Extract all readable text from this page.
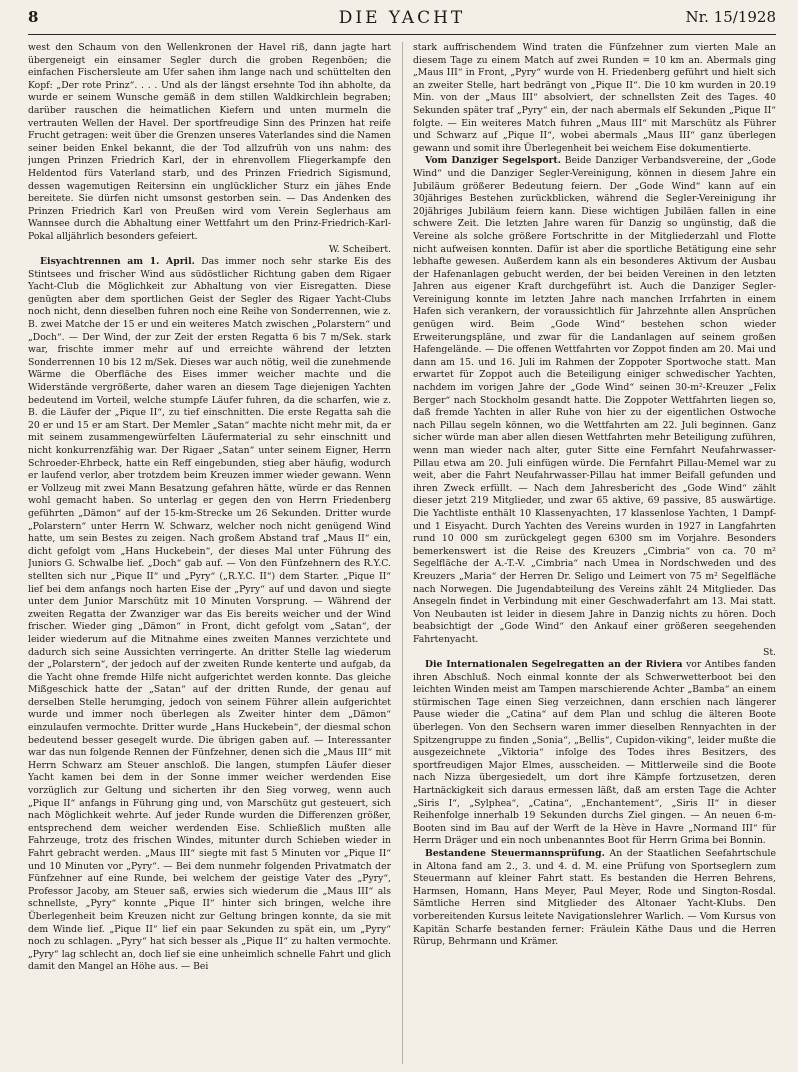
8	DIE YACHT	Nr. 15/1928

west den Schaum von den Wellenkronen der Havel riß, dann jagte hart übergeneigt ein einsamer Segler durch die groben Regenböen; die einfachen Fischersleute am Ufer sahen ihm lange nach und schüttelten den Kopf: „Der rote Prinz“. . . . Und als der längst ersehnte Tod ihn abholte, da wurde er seinem Wunsche gemäß in dem stillen Waldkirchlein begraben; darüber rauschen die heimatlichen Kiefern und unten murmeln die vertrauten Wellen der Havel. Der sportfreudige Sinn des Prinzen hat reife Frucht getragen: weit über die Grenzen unseres Vaterlandes sind die Namen seiner beiden Enkel bekannt, die der Tod allzufrüh von uns nahm: des jungen Prinzen Friedrich Karl, der in ehrenvollem Fliegerkampfe den Heldentod fürs Vaterland starb, und des Prinzen Friedrich Sigismund, dessen wagemutigen Reitersinn ein unglücklicher Sturz ein jähes Ende bereitete. Sie dürfen nicht umsonst gestorben sein. — Das Andenken des Prinzen Friedrich Karl von Preußen wird vom Verein Seglerhaus am Wannsee durch die Abhaltung einer Wettfahrt um den Prinz-Friedrich-Karl-Pokal alljährlich besonders gefeiert.

W. Scheibert.

Eisyachtrennen am 1. April. Das immer noch sehr starke Eis des Stintsees und frischer Wind aus südöstlicher Richtung gaben dem Rigaer Yacht-Club die Möglichkeit zur Abhaltung von vier Eisregatten. Diese genügten aber dem sportlichen Geist der Segler des Rigaer Yacht-Clubs noch nicht, denn dieselben fuhren noch eine Reihe von Sonderrennen, wie z. B. zwei Matche der 15 er und ein weiteres Match zwischen „Polarstern“ und „Doch“. — Der Wind, der zur Zeit der ersten Regatta 6 bis 7 m/Sek. stark war, frischte immer mehr auf und erreichte während der letzten Sonderrennen 10 bis 12 m/Sek. Dieses war auch nötig, weil die zunehmende Wärme die Oberfläche des Eises immer weicher machte und die Widerstände vergrößerte, daher waren an diesem Tage diejenigen Yachten bedeutend im Vorteil, welche stumpfe Läufer fuhren, da die scharfen, wie z. B. die Läufer der „Pique II“, zu tief einschnitten. Die erste Regatta sah die 20 er und 15 er am Start. Der Memler „Satan“ machte nicht mehr mit, da er mit seinem zusammengewürfelten Läufermaterial zu sehr einschnitt und nicht konkurrenzfähig war. Der Rigaer „Satan“ unter seinem Eigner, Herrn Schroeder-Ehrbeck, hatte ein Reff eingebunden, stieg aber häufig, wodurch er laufend verlor, aber trotzdem beim Kreuzen immer wieder gewann. Wenn er Vollzeug mit zwei Mann Besatzung gefahren hätte, würde er das Rennen wohl gemacht haben. So unterlag er gegen den von Herrn Friedenberg geführten „Dämon“ auf der 15-km-Strecke um 26 Sekunden. Dritter wurde „Polarstern“ unter Herrn W. Schwarz, welcher noch nicht genügend Wind hatte, um sein Bestes zu zeigen. Nach großem Abstand traf „Maus II“ ein, dicht gefolgt vom „Hans Huckebein“, der dieses Mal unter Führung des Juniors G. Schwalbe lief. „Doch“ gab auf. — Von den Fünfzehnern des R.Y.C. stellten sich nur „Pique II“ und „Pyry“ („R.Y.C. II“) dem Starter. „Pique II“ lief bei dem anfangs noch harten Eise der „Pyry“ auf und davon und siegte unter dem Junior Marschütz mit 10 Minuten Vorsprung. — Während der zweiten Regatta der Zwanziger war das Eis bereits weicher und der Wind frischer. Wieder ging „Dämon“ in Front, dicht gefolgt vom „Satan“, der leider wiederum auf die Mitnahme eines zweiten Mannes verzichtete und dadurch sich seine Aussichten verringerte. An dritter Stelle lag wiederum der „Polarstern“, der jedoch auf der zweiten Runde kenterte und aufgab, da die Yacht ohne fremde Hilfe nicht aufgerichtet werden konnte. Das gleiche Mißgeschick hatte der „Satan“ auf der dritten Runde, der genau auf derselben Stelle herumging, jedoch von seinem Führer allein aufgerichtet wurde und immer noch überlegen als Zweiter hinter dem „Dämon“ einzulaufen vermochte. Dritter wurde „Hans Huckebein“, der diesmal schon bedeutend besser gesegelt wurde. Die übrigen gaben auf. — Interessanter war das nun folgende Rennen der Fünfzehner, denen sich die „Maus III“ mit Herrn Schwarz am Steuer anschloß. Die langen, stumpfen Läufer dieser Yacht kamen bei dem in der Sonne immer weicher werdenden Eise vorzüglich zur Geltung und sicherten ihr den Sieg vorweg, wenn auch „Pique II“ anfangs in Führung ging und, von Marschütz gut gesteuert, sich nach Möglichkeit wehrte. Auf jeder Runde wurden die Differenzen größer, entsprechend dem weicher werdenden Eise. Schließlich mußten alle Fahrzeuge, trotz des frischen Windes, mitunter durch Schieben wieder in Fahrt gebracht werden. „Maus III“ siegte mit fast 5 Minuten vor „Pique II“ und 10 Minuten vor „Pyry“. — Bei dem nunmehr folgenden Privatmatch der Fünfzehner auf eine Runde, bei welchem der geistige Vater des „Pyry“, Professor Jacoby, am Steuer saß, erwies sich wiederum die „Maus III“ als schnellste, „Pyry“ konnte „Pique II“ hinter sich bringen, welche ihre Überlegenheit beim Kreuzen nicht zur Geltung bringen konnte, da sie mit dem Winde lief. „Pique II“ lief ein paar Sekunden zu spät ein, um „Pyry“ noch zu schlagen. „Pyry“ hat sich besser als „Pique II“ zu halten vermochte. „Pyry“ lag schlecht an, doch lief sie eine unheimlich schnelle Fahrt und glich damit den Mangel an Höhe aus. — Bei

stark auffrischendem Wind traten die Fünfzehner zum vierten Male an diesem Tage zu einem Match auf zwei Runden = 10 km an. Abermals ging „Maus III“ in Front, „Pyry“ wurde von H. Friedenberg geführt und hielt sich an zweiter Stelle, hart bedrängt von „Pique II“. Die 10 km wurden in 20.19 Min. von der „Maus III“ absolviert, der schnellsten Zeit des Tages. 40 Sekunden später traf „Pyry“ ein, der nach abermals elf Sekunden „Pique II“ folgte. — Ein weiteres Match fuhren „Maus III“ mit Marschütz als Führer und Schwarz auf „Pique II“, wobei abermals „Maus III“ ganz überlegen gewann und somit ihre Überlegenheit bei weichem Eise dokumentierte.

Vom Danziger Segelsport. Beide Danziger Verbandsvereine, der „Gode Wind“ und die Danziger Segler-Vereinigung, können in diesem Jahre ein Jubiläum größerer Bedeutung feiern. Der „Gode Wind“ kann auf ein 30jähriges Bestehen zurückblicken, während die Segler-Vereinigung ihr 20jähriges Jubiläum feiern kann. Diese wichtigen Jubiläen fallen in eine schwere Zeit. Die letzten Jahre waren für Danzig so ungünstig, daß die Vereine als solche größere Fortschritte in der Mitgliederzahl und Flotte nicht aufweisen konnten. Dafür ist aber die sportliche Betätigung eine sehr lebhafte gewesen. Außerdem kann als ein besonderes Aktivum der Ausbau der Hafenanlagen gebucht werden, der bei beiden Vereinen in den letzten Jahren aus eigener Kraft durchgeführt ist. Auch die Danziger Segler-Vereinigung konnte im letzten Jahre nach manchen Irrfahrten in einem Hafen sich verankern, der voraussichtlich für Jahrzehnte allen Ansprüchen genügen wird. Beim „Gode Wind“ bestehen schon wieder Erweiterungspläne, und zwar für die Landanlagen auf seinem großen Hafengelände. — Die offenen Wettfahrten vor Zoppot finden am 20. Mai und dann am 15. und 16. Juli im Rahmen der Zoppoter Sportwoche statt. Man erwartet für Zoppot auch die Beteiligung einiger schwedischer Yachten, nachdem im vorigen Jahre der „Gode Wind“ seinen 30-m²-Kreuzer „Felix Berger“ nach Stockholm gesandt hatte. Die Zoppoter Wettfahrten liegen so, daß fremde Yachten in aller Ruhe von hier zu der eigentlichen Ostwoche nach Pillau segeln können, wo die Wettfahrten am 22. Juli beginnen. Ganz sicher würde man aber allen diesen Wettfahrten mehr Beteiligung zuführen, wenn man wieder nach alter, guter Sitte eine Fernfahrt Neufahrwasser-Pillau etwa am 20. Juli einfügen würde. Die Fernfahrt Pillau-Memel war zu weit, aber die Fahrt Neufahrwasser-Pillau hat immer Beifall gefunden und ihren Zweck erfüllt. — Nach dem Jahresbericht des „Gode Wind“ zählt dieser jetzt 219 Mitglieder, und zwar 65 aktive, 69 passive, 85 auswärtige. Die Yachtliste enthält 10 Klassenyachten, 17 klassenlose Yachten, 1 Dampf- und 1 Eisyacht. Durch Yachten des Vereins wurden in 1927 in Langfahrten rund 10 000 sm zurückgelegt gegen 6300 sm im Vorjahre. Besonders bemerkenswert ist die Reise des Kreuzers „Cimbria“ von ca. 70 m² Segelfläche der A.-T.-V. „Cimbria“ nach Umea in Nordschweden und des Kreuzers „Maria“ der Herren Dr. Seligo und Leimert von 75 m² Segelfläche nach Norwegen. Die Jugendabteilung des Vereins zählt 24 Mitglieder. Das Ansegeln findet in Verbindung mit einer Geschwaderfahrt am 13. Mai statt. Von Neubauten ist leider in diesem Jahre in Danzig nichts zu hören. Doch beabsichtigt der „Gode Wind“ den Ankauf einer größeren seegehenden Fahrtenyacht.

St.

Die Internationalen Segelregatten an der Riviera vor Antibes fanden ihren Abschluß. Noch einmal konnte der als Schwerwetterboot bei den leichten Winden meist am Tampen marschierende Achter „Bamba“ an einem stürmischen Tage einen Sieg verzeichnen, dann erschien nach längerer Pause wieder die „Catina“ auf dem Plan und schlug die älteren Boote überlegen. Von den Sechsern waren immer dieselben Rennyachten in der Spitzengruppe zu finden „Sonia“, „Bellis“, Cupidon-viking“, leider mußte die ausgezeichnete „Viktoria“ infolge des Todes ihres Besitzers, des sportfreudigen Major Elmes, ausscheiden. — Mittlerweile sind die Boote nach Nizza übergesiedelt, um dort ihre Kämpfe fortzusetzen, deren Hartnäckigkeit sich daraus ermessen läßt, daß am ersten Tage die Achter „Siris I“, „Sylphea“, „Catina“, „Enchantement“, „Siris II“ in dieser Reihenfolge innerhalb 19 Sekunden durchs Ziel gingen. — An neuen 6-m-Booten sind im Bau auf der Werft de la Hève in Havre „Normand III“ für Herrn Dräger und ein noch unbenanntes Boot für Herrn Grima bei Bonnin.

Bestandene Steuermannsprüfung. An der Staatlichen Seefahrtschule in Altona fand am 2., 3. und 4. d. M. eine Prüfung von Sportseglern zum Steuermann auf kleiner Fahrt statt. Es bestanden die Herren Behrens, Harmsen, Homann, Hans Meyer, Paul Meyer, Rode und Sington-Rosdal. Sämtliche Herren sind Mitglieder des Altonaer Yacht-Klubs. Den vorbereitenden Kursus leitete Navigationslehrer Warlich. — Vom Kursus von Kapitän Scharfe bestanden ferner: Fräulein Käthe Daus und die Herren Rürup, Behrmann und Krämer.
